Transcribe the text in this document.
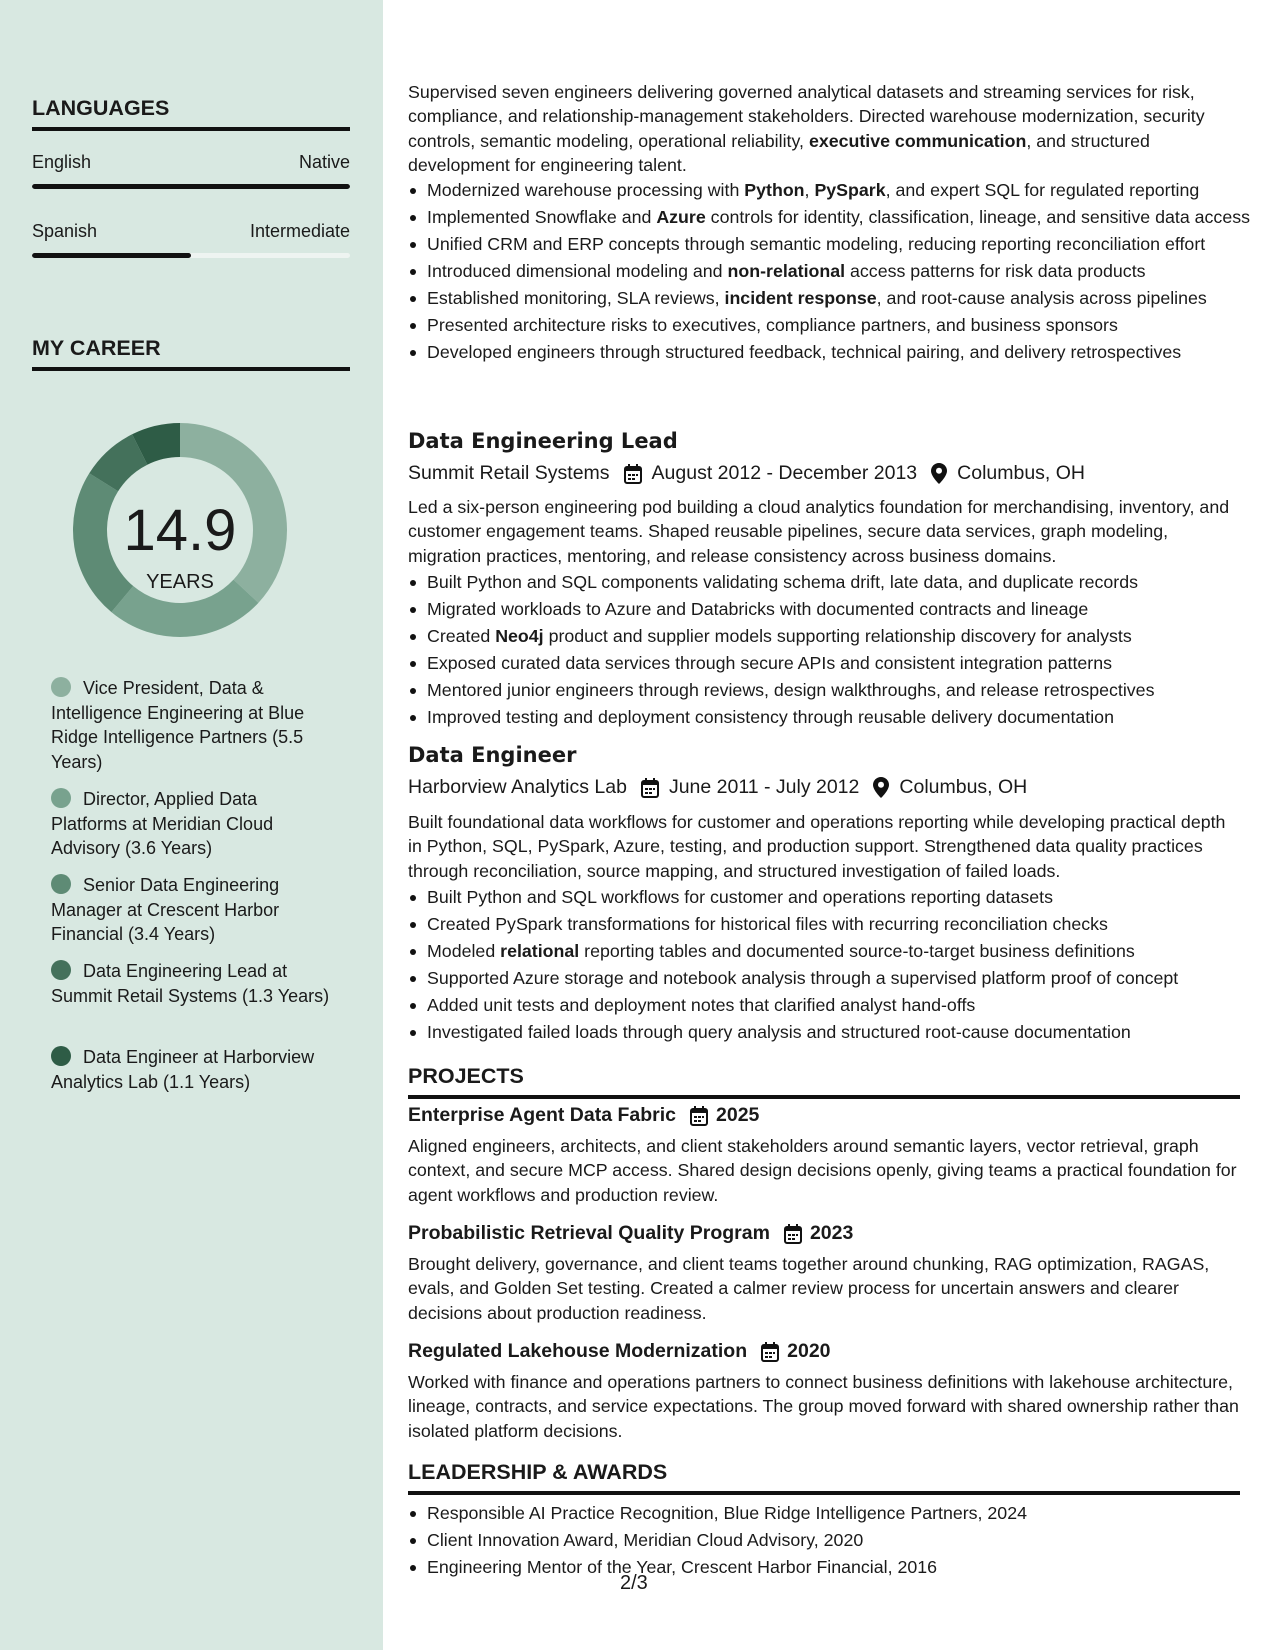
LANGUAGES
English	Native
Spanish	Intermediate
MY CAREER
14.9
YEARS
Vice President, Data & Intelligence Engineering at Blue Ridge Intelligence Partners (5.5 Years)
Director, Applied Data Platforms at Meridian Cloud Advisory (3.6 Years)
Senior Data Engineering Manager at Crescent Harbor Financial (3.4 Years)
Data Engineering Lead at Summit Retail Systems (1.3 Years)
Data Engineer at Harborview Analytics Lab (1.1 Years)
Supervised seven engineers delivering governed analytical datasets and streaming services for risk, compliance, and relationship-management stakeholders. Directed warehouse modernization, security controls, semantic modeling, operational reliability, executive communication, and structured development for engineering talent.
Modernized warehouse processing with Python, PySpark, and expert SQL for regulated reporting
Implemented Snowflake and Azure controls for identity, classification, lineage, and sensitive data access
Unified CRM and ERP concepts through semantic modeling, reducing reporting reconciliation effort
Introduced dimensional modeling and non-relational access patterns for risk data products
Established monitoring, SLA reviews, incident response, and root-cause analysis across pipelines
Presented architecture risks to executives, compliance partners, and business sponsors
Developed engineers through structured feedback, technical pairing, and delivery retrospectives
Data Engineering Lead
Summit Retail Systems August 2012 - December 2013 Columbus, OH
Led a six-person engineering pod building a cloud analytics foundation for merchandising, inventory, and customer engagement teams. Shaped reusable pipelines, secure data services, graph modeling, migration practices, mentoring, and release consistency across business domains.
Built Python and SQL components validating schema drift, late data, and duplicate records
Migrated workloads to Azure and Databricks with documented contracts and lineage
Created Neo4j product and supplier models supporting relationship discovery for analysts
Exposed curated data services through secure APIs and consistent integration patterns
Mentored junior engineers through reviews, design walkthroughs, and release retrospectives
Improved testing and deployment consistency through reusable delivery documentation
Data Engineer
Harborview Analytics Lab June 2011 - July 2012 Columbus, OH
Built foundational data workflows for customer and operations reporting while developing practical depth in Python, SQL, PySpark, Azure, testing, and production support. Strengthened data quality practices through reconciliation, source mapping, and structured investigation of failed loads.
Built Python and SQL workflows for customer and operations reporting datasets
Created PySpark transformations for historical files with recurring reconciliation checks
Modeled relational reporting tables and documented source-to-target business definitions
Supported Azure storage and notebook analysis through a supervised platform proof of concept
Added unit tests and deployment notes that clarified analyst hand-offs
Investigated failed loads through query analysis and structured root-cause documentation
PROJECTS
Enterprise Agent Data Fabric 2025
Aligned engineers, architects, and client stakeholders around semantic layers, vector retrieval, graph context, and secure MCP access. Shared design decisions openly, giving teams a practical foundation for agent workflows and production review.
Probabilistic Retrieval Quality Program 2023
Brought delivery, governance, and client teams together around chunking, RAG optimization, RAGAS, evals, and Golden Set testing. Created a calmer review process for uncertain answers and clearer decisions about production readiness.
Regulated Lakehouse Modernization 2020
Worked with finance and operations partners to connect business definitions with lakehouse architecture, lineage, contracts, and service expectations. The group moved forward with shared ownership rather than isolated platform decisions.
LEADERSHIP & AWARDS
Responsible AI Practice Recognition, Blue Ridge Intelligence Partners, 2024
Client Innovation Award, Meridian Cloud Advisory, 2020
Engineering Mentor of the Year, Crescent Harbor Financial, 2016
2/3
